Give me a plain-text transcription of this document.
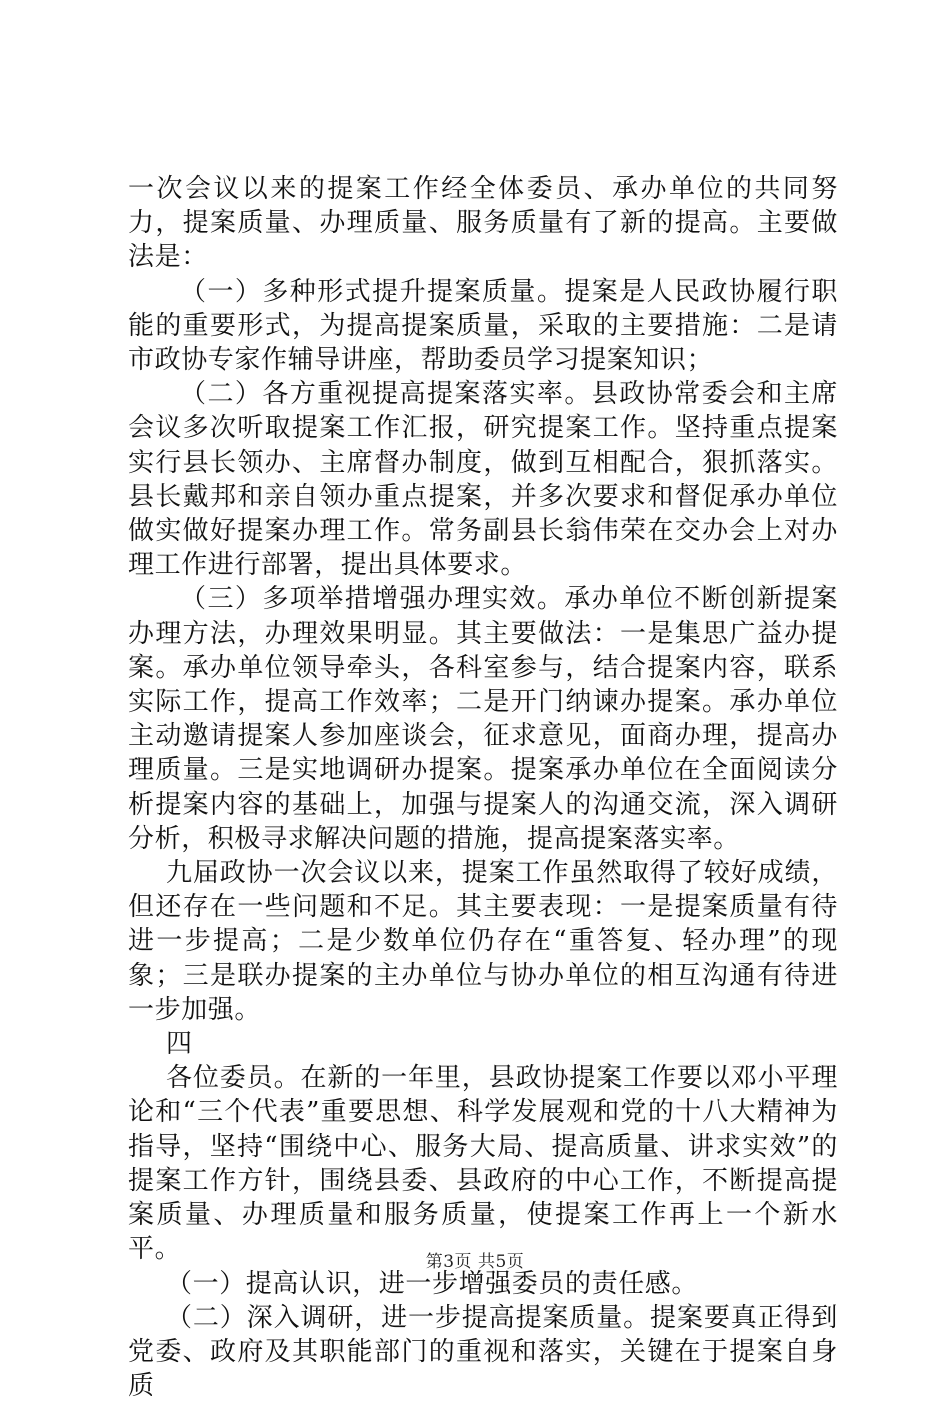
一次会议以来的提案工作经全体委员、承办单位的共同努力，提案质量、办理质量、服务质量有了新的提高。主要做法是：

（一）多种形式提升提案质量。提案是人民政协履行职能的重要形式，为提高提案质量，采取的主要措施：二是请市政协专家作辅导讲座，帮助委员学习提案知识；

（二）各方重视提高提案落实率。县政协常委会和主席会议多次听取提案工作汇报，研究提案工作。坚持重点提案实行县长领办、主席督办制度，做到互相配合，狠抓落实。县长戴邦和亲自领办重点提案，并多次要求和督促承办单位做实做好提案办理工作。常务副县长翁伟荣在交办会上对办理工作进行部署，提出具体要求。

（三）多项举措增强办理实效。承办单位不断创新提案办理方法，办理效果明显。其主要做法：一是集思广益办提案。承办单位领导牵头，各科室参与，结合提案内容，联系实际工作，提高工作效率；二是开门纳谏办提案。承办单位主动邀请提案人参加座谈会，征求意见，面商办理，提高办理质量。三是实地调研办提案。提案承办单位在全面阅读分析提案内容的基础上，加强与提案人的沟通交流，深入调研分析，积极寻求解决问题的措施，提高提案落实率。

九届政协一次会议以来，提案工作虽然取得了较好成绩，但还存在一些问题和不足。其主要表现：一是提案质量有待进一步提高；二是少数单位仍存在“重答复、轻办理”的现象；三是联办提案的主办单位与协办单位的相互沟通有待进一步加强。

四

各位委员。在新的一年里，县政协提案工作要以邓小平理论和“三个代表”重要思想、科学发展观和党的十八大精神为指导，坚持“围绕中心、服务大局、提高质量、讲求实效”的提案工作方针，围绕县委、县政府的中心工作，不断提高提案质量、办理质量和服务质量，使提案工作再上一个新水平。

（一）提高认识，进一步增强委员的责任感。

（二）深入调研，进一步提高提案质量。提案要真正得到党委、政府及其职能部门的重视和落实，关键在于提案自身质

第3页 共5页
